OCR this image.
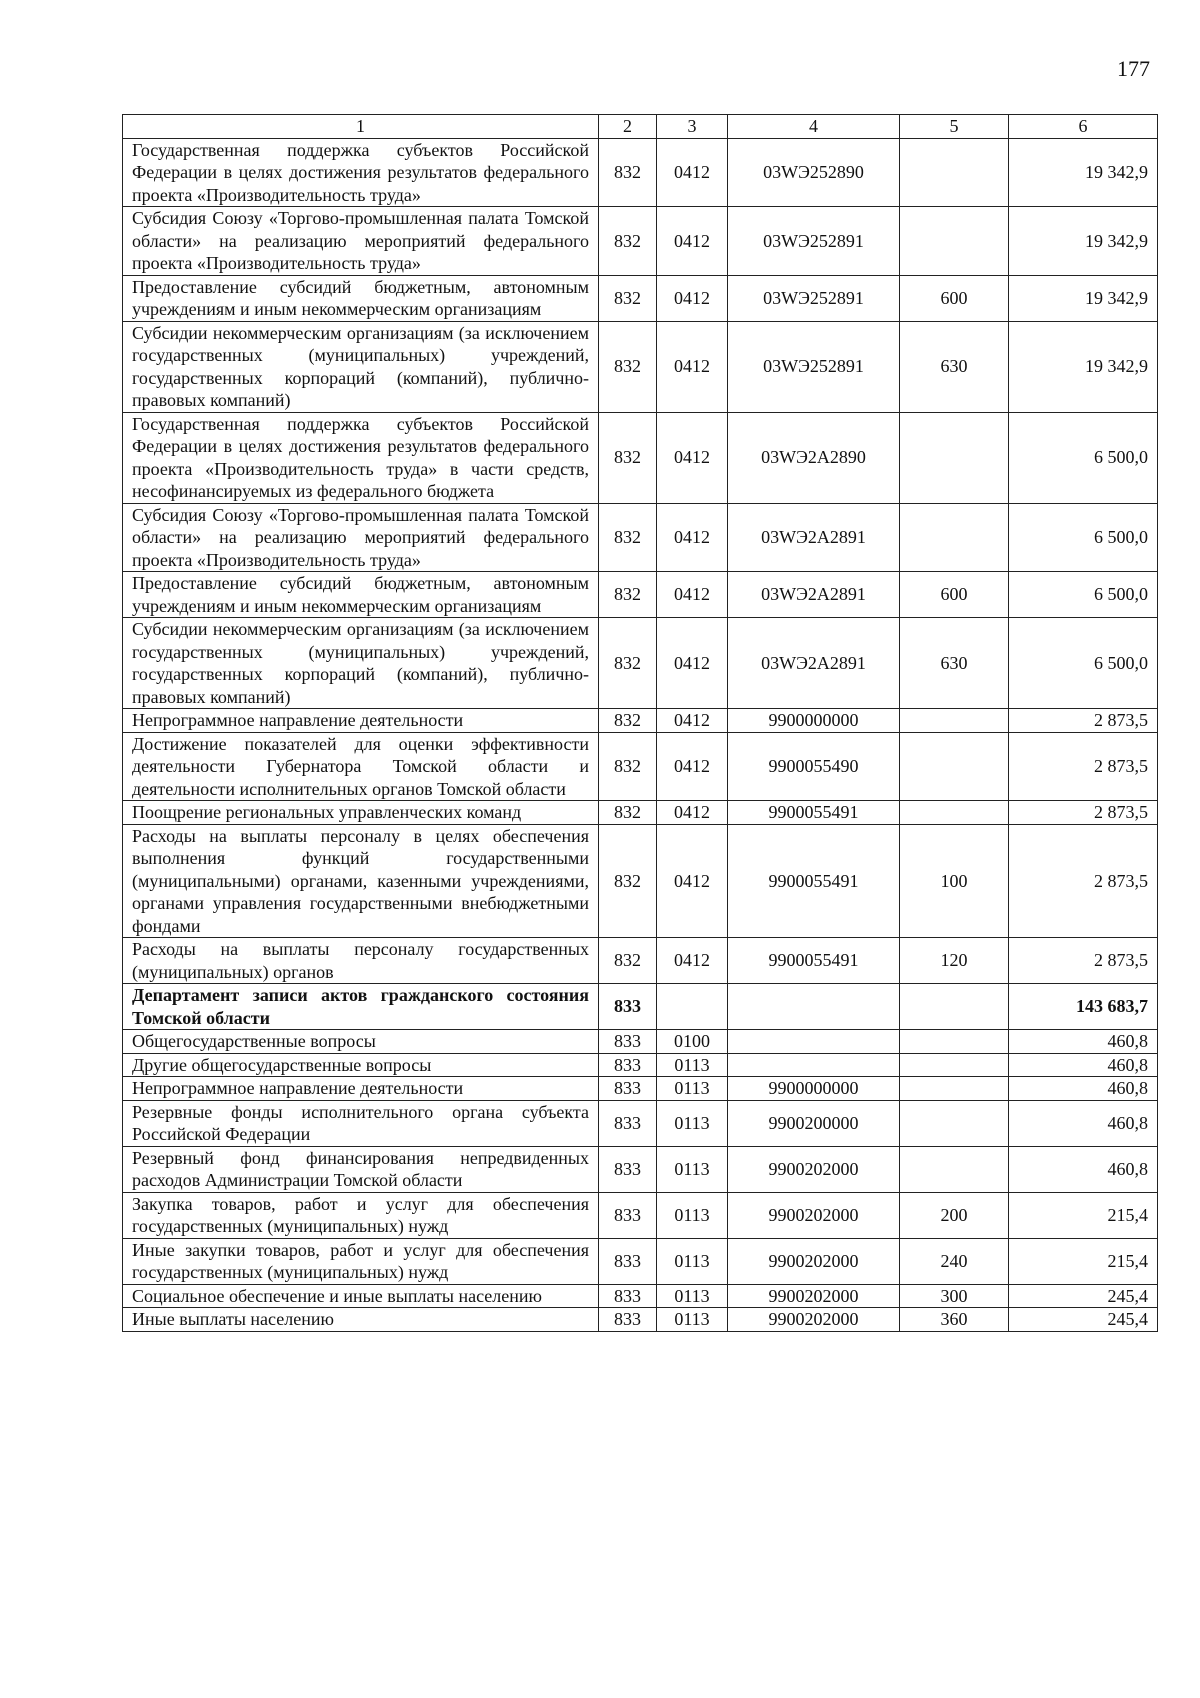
177
1	2	3	4	5	6
Государственная поддержка субъектов Российской Федерации в целях достижения результатов федерального проекта «Производительность труда»	832	0412	03WЭ252890		19 342,9
Субсидия Союзу «Торгово-промышленная палата Томской области» на реализацию мероприятий федерального проекта «Производительность труда»	832	0412	03WЭ252891		19 342,9
Предоставление субсидий бюджетным, автономным учреждениям и иным некоммерческим организациям	832	0412	03WЭ252891	600	19 342,9
Субсидии некоммерческим организациям (за исключением государственных (муниципальных) учреждений, государственных корпораций (компаний), публично-правовых компаний)	832	0412	03WЭ252891	630	19 342,9
Государственная поддержка субъектов Российской Федерации в целях достижения результатов федерального проекта «Производительность труда» в части средств, несофинансируемых из федерального бюджета	832	0412	03WЭ2А2890		6 500,0
Субсидия Союзу «Торгово-промышленная палата Томской области» на реализацию мероприятий федерального проекта «Производительность труда»	832	0412	03WЭ2А2891		6 500,0
Предоставление субсидий бюджетным, автономным учреждениям и иным некоммерческим организациям	832	0412	03WЭ2А2891	600	6 500,0
Субсидии некоммерческим организациям (за исключением государственных (муниципальных) учреждений, государственных корпораций (компаний), публично-правовых компаний)	832	0412	03WЭ2А2891	630	6 500,0
Непрограммное направление деятельности	832	0412	9900000000		2 873,5
Достижение показателей для оценки эффективности деятельности Губернатора Томской области и деятельности исполнительных органов Томской области	832	0412	9900055490		2 873,5
Поощрение региональных управленческих команд	832	0412	9900055491		2 873,5
Расходы на выплаты персоналу в целях обеспечения выполнения функций государственными (муниципальными) органами, казенными учреждениями, органами управления государственными внебюджетными фондами	832	0412	9900055491	100	2 873,5
Расходы на выплаты персоналу государственных (муниципальных) органов	832	0412	9900055491	120	2 873,5
Департамент записи актов гражданского состояния Томской области	833				143 683,7
Общегосударственные вопросы	833	0100			460,8
Другие общегосударственные вопросы	833	0113			460,8
Непрограммное направление деятельности	833	0113	9900000000		460,8
Резервные фонды исполнительного органа субъекта Российской Федерации	833	0113	9900200000		460,8
Резервный фонд финансирования непредвиденных расходов Администрации Томской области	833	0113	9900202000		460,8
Закупка товаров, работ и услуг для обеспечения государственных (муниципальных) нужд	833	0113	9900202000	200	215,4
Иные закупки товаров, работ и услуг для обеспечения государственных (муниципальных) нужд	833	0113	9900202000	240	215,4
Социальное обеспечение и иные выплаты населению	833	0113	9900202000	300	245,4
Иные выплаты населению	833	0113	9900202000	360	245,4
